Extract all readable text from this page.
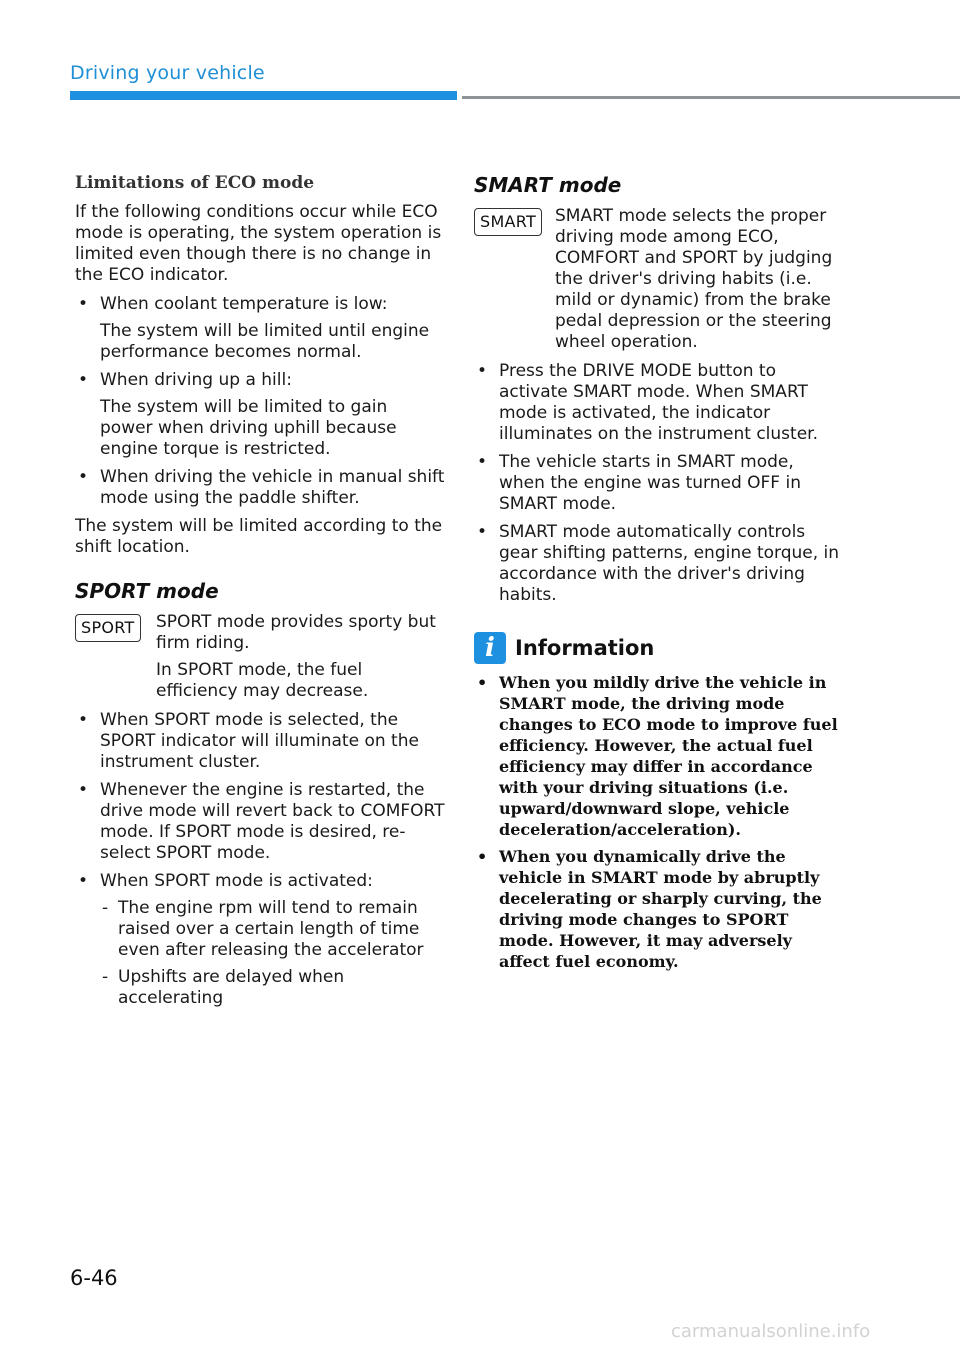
Driving your vehicle
Limitations of ECO mode

If the following conditions occur while ECO mode is operating, the system operation is limited even though there is no change in the ECO indicator.

• When coolant temperature is low:

The system will be limited until engine performance becomes normal.

• When driving up a hill:

The system will be limited to gain power when driving uphill because engine torque is restricted.

• When driving the vehicle in manual shift mode using the paddle shifter.

The system will be limited according to the shift location.

SPORT mode
SPORT	SPORT mode provides sporty but firm riding.

In SPORT mode, the fuel efficiency may decrease.

• When SPORT mode is selected, the SPORT indicator will illuminate on the instrument cluster.
• Whenever the engine is restarted, the drive mode will revert back to COMFORT mode. If SPORT mode is desired, re-select SPORT mode.
• When SPORT mode is activated:
- The engine rpm will tend to remain raised over a certain length of time even after releasing the accelerator
- Upshifts are delayed when accelerating
SMART mode
SMART	SMART mode selects the proper driving mode among ECO, COMFORT and SPORT by judging the driver's driving habits (i.e. mild or dynamic) from the brake pedal depression or the steering wheel operation.

• Press the DRIVE MODE button to activate SMART mode. When SMART mode is activated, the indicator illuminates on the instrument cluster.
• The vehicle starts in SMART mode, when the engine was turned OFF in SMART mode.
• SMART mode automatically controls gear shifting patterns, engine torque, in accordance with the driver's driving habits.
i Information
• When you mildly drive the vehicle in SMART mode, the driving mode changes to ECO mode to improve fuel efficiency. However, the actual fuel efficiency may differ in accordance with your driving situations (i.e. upward/downward slope, vehicle deceleration/acceleration).
• When you dynamically drive the vehicle in SMART mode by abruptly decelerating or sharply curving, the driving mode changes to SPORT mode. However, it may adversely affect fuel economy.
6-46
carmanualsonline.info
